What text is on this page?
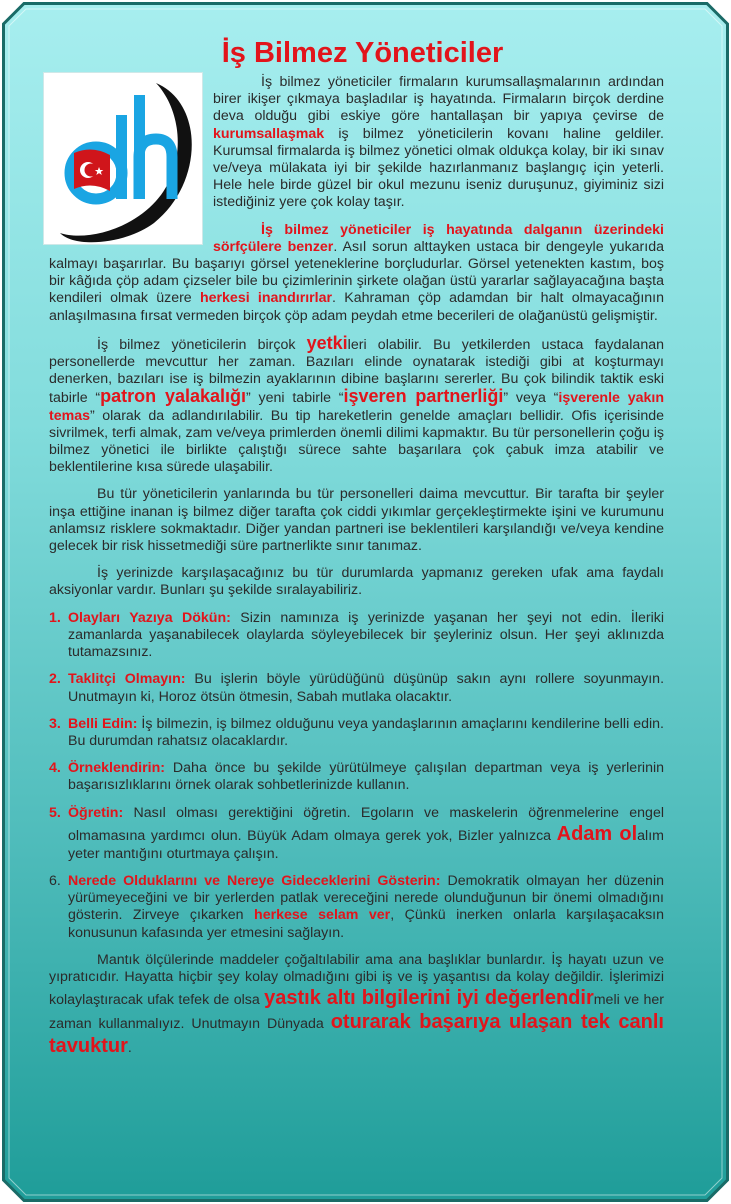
İş Bilmez Yöneticiler

İş bilmez yöneticiler firmaların kurumsallaşmalarının ardından birer ikişer çıkmaya başladılar iş hayatında. Firmaların birçok derdine deva olduğu gibi eskiye göre hantallaşan bir yapıya çevirse de kurumsallaşmak iş bilmez yöneticilerin kovanı haline geldiler. Kurumsal firmalarda iş bilmez yönetici olmak oldukça kolay, bir iki sınav ve/veya mülakata iyi bir şekilde hazırlanmanız başlangıç için yeterli. Hele hele birde güzel bir okul mezunu iseniz duruşunuz, giyiminiz sizi istediğiniz yere çok kolay taşır.

İş bilmez yöneticiler iş hayatında dalganın üzerindeki sörfçülere benzer. Asıl sorun alttayken ustaca bir dengeyle yukarıda kalmayı başarırlar. Bu başarıyı görsel yeteneklerine borçludurlar. Görsel yetenekten kastım, boş bir kâğıda çöp adam çizseler bile bu çizimlerinin şirkete olağan üstü yararlar sağlayacağına başta kendileri olmak üzere herkesi inandırırlar. Kahraman çöp adamdan bir halt olmayacağının anlaşılmasına fırsat vermeden birçok çöp adam peydah etme becerileri de olağanüstü gelişmiştir.

İş bilmez yöneticilerin birçok yetkileri olabilir. Bu yetkilerden ustaca faydalanan personellerde mevcuttur her zaman. Bazıları elinde oynatarak istediği gibi at koşturmayı denerken, bazıları ise iş bilmezin ayaklarının dibine başlarını sererler. Bu çok bilindik taktik eski tabirle “patron yalakalığı” yeni tabirle “işveren partnerliği” veya “işverenle yakın temas” olarak da adlandırılabilir. Bu tip hareketlerin genelde amaçları bellidir. Ofis içerisinde sivrilmek, terfi almak, zam ve/veya primlerden önemli dilimi kapmaktır. Bu tür personellerin çoğu iş bilmez yönetici ile birlikte çalıştığı sürece sahte başarılara çok çabuk imza atabilir ve beklentilerine kısa sürede ulaşabilir.

Bu tür yöneticilerin yanlarında bu tür personelleri daima mevcuttur. Bir tarafta bir şeyler inşa ettiğine inanan iş bilmez diğer tarafta çok ciddi yıkımlar gerçekleştirmekte işini ve kurumunu anlamsız risklere sokmaktadır. Diğer yandan partneri ise beklentileri karşılandığı ve/veya kendine gelecek bir risk hissetmediği süre partnerlikte sınır tanımaz.

İş yerinizde karşılaşacağınız bu tür durumlarda yapmanız gereken ufak ama faydalı aksiyonlar vardır. Bunları şu şekilde sıralayabiliriz.

1. Olayları Yazıya Dökün: Sizin namınıza iş yerinizde yaşanan her şeyi not edin. İleriki zamanlarda yaşanabilecek olaylarda söyleyebilecek bir şeyleriniz olsun. Her şeyi aklınızda tutamazsınız.
2. Taklitçi Olmayın: Bu işlerin böyle yürüdüğünü düşünüp sakın aynı rollere soyunmayın. Unutmayın ki, Horoz ötsün ötmesin, Sabah mutlaka olacaktır.
3. Belli Edin: İş bilmezin, iş bilmez olduğunu veya yandaşlarının amaçlarını kendilerine belli edin. Bu durumdan rahatsız olacaklardır.
4. Örneklendirin: Daha önce bu şekilde yürütülmeye çalışılan departman veya iş yerlerinin başarısızlıklarını örnek olarak sohbetlerinizde kullanın.
5. Öğretin: Nasıl olması gerektiğini öğretin. Egoların ve maskelerin öğrenmelerine engel olmamasına yardımcı olun. Büyük Adam olmaya gerek yok, Bizler yalnızca Adam olalım yeter mantığını oturtmaya çalışın.
6. Nerede Olduklarını ve Nereye Gideceklerini Gösterin: Demokratik olmayan her düzenin yürümeyeceğini ve bir yerlerden patlak vereceğini nerede olunduğunun bir önemi olmadığını gösterin. Zirveye çıkarken herkese selam ver, Çünkü inerken onlarla karşılaşacaksın konusunun kafasında yer etmesini sağlayın.

Mantık ölçülerinde maddeler çoğaltılabilir ama ana başlıklar bunlardır. İş hayatı uzun ve yıpratıcıdır. Hayatta hiçbir şey kolay olmadığını gibi iş ve iş yaşantısı da kolay değildir. İşlerimizi kolaylaştıracak ufak tefek de olsa yastık altı bilgilerini iyi değerlendirmeli ve her zaman kullanmalıyız. Unutmayın Dünyada oturarak başarıya ulaşan tek canlı tavuktur.
